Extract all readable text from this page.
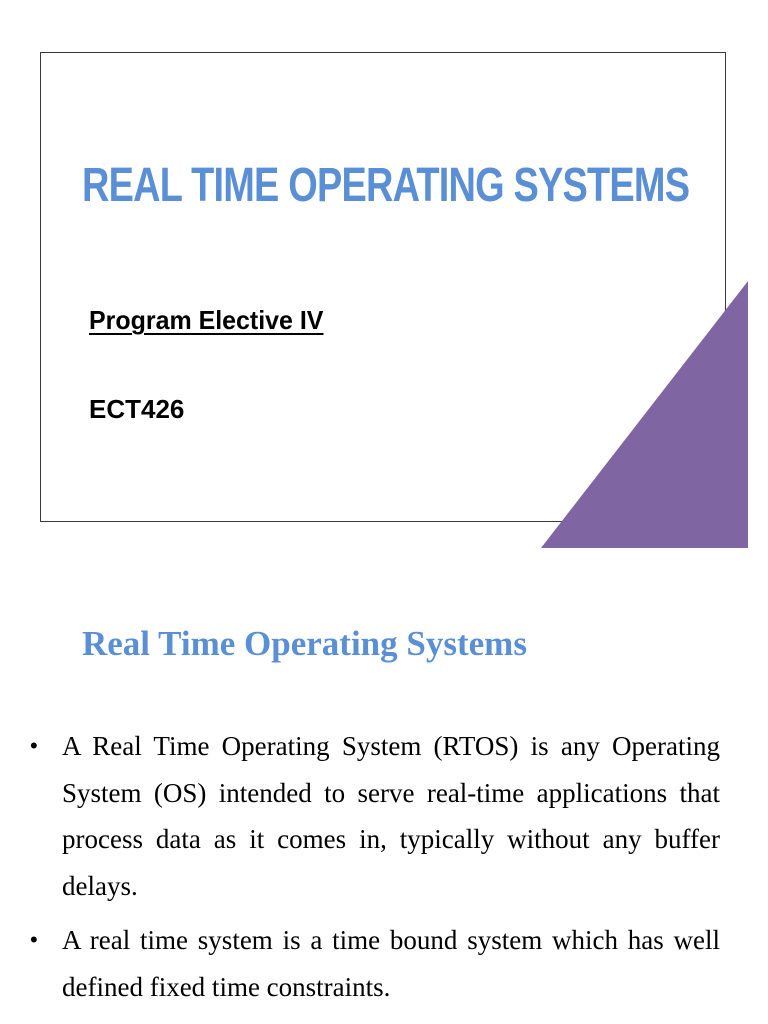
REAL TIME OPERATING SYSTEMS
Program Elective IV
ECT426
Real Time Operating Systems
• A Real Time Operating System (RTOS) is any Operating System (OS) intended to serve real-time applications that process data as it comes in, typically without any buffer delays.
• A real time system is a time bound system which has well defined fixed time constraints.
